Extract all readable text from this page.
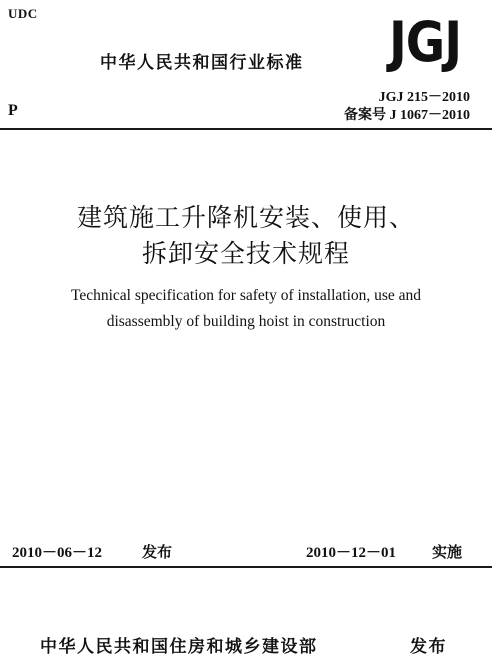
UDC
中华人民共和国行业标准 JGJ
JGJ 215－2010
备案号 J 1067－2010
P
建筑施工升降机安装、使用、
拆卸安全技术规程
Technical specification for safety of installation, use and
disassembly of building hoist in construction
2010－06－12	发布	2010－12－01 实施
中华人民共和国住房和城乡建设部	发布
